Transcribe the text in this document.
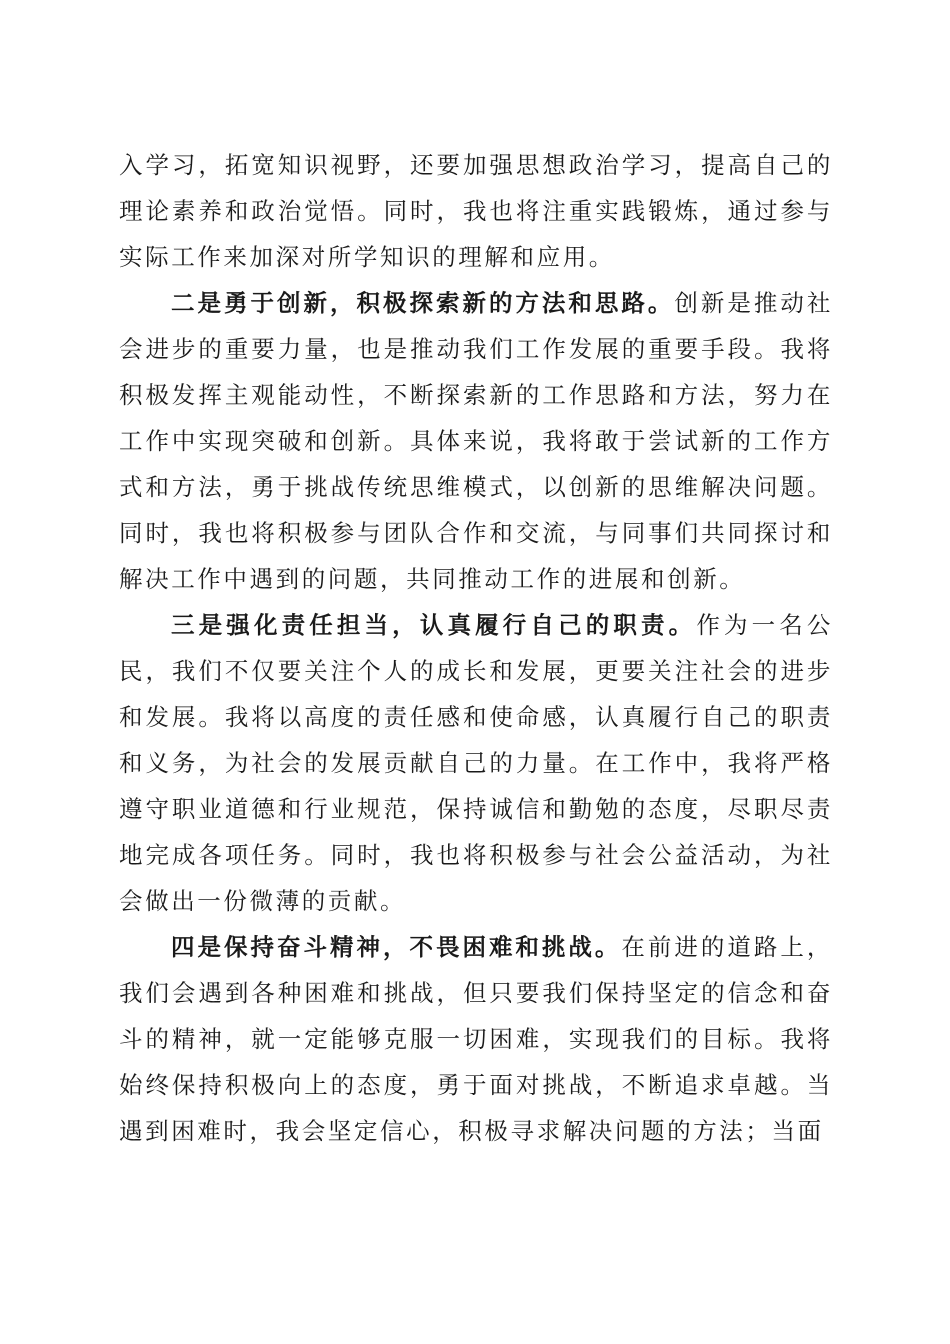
入学习，拓宽知识视野，还要加强思想政治学习，提高自己的理论素养和政治觉悟。同时，我也将注重实践锻炼，通过参与实际工作来加深对所学知识的理解和应用。

二是勇于创新，积极探索新的方法和思路。创新是推动社会进步的重要力量，也是推动我们工作发展的重要手段。我将积极发挥主观能动性，不断探索新的工作思路和方法，努力在工作中实现突破和创新。具体来说，我将敢于尝试新的工作方式和方法，勇于挑战传统思维模式，以创新的思维解决问题。同时，我也将积极参与团队合作和交流，与同事们共同探讨和解决工作中遇到的问题，共同推动工作的进展和创新。

三是强化责任担当，认真履行自己的职责。作为一名公民，我们不仅要关注个人的成长和发展，更要关注社会的进步和发展。我将以高度的责任感和使命感，认真履行自己的职责和义务，为社会的发展贡献自己的力量。在工作中，我将严格遵守职业道德和行业规范，保持诚信和勤勉的态度，尽职尽责地完成各项任务。同时，我也将积极参与社会公益活动，为社会做出一份微薄的贡献。

四是保持奋斗精神，不畏困难和挑战。在前进的道路上，我们会遇到各种困难和挑战，但只要我们保持坚定的信念和奋斗的精神，就一定能够克服一切困难，实现我们的目标。我将始终保持积极向上的态度，勇于面对挑战，不断追求卓越。当遇到困难时，我会坚定信心，积极寻求解决问题的方法；当面
